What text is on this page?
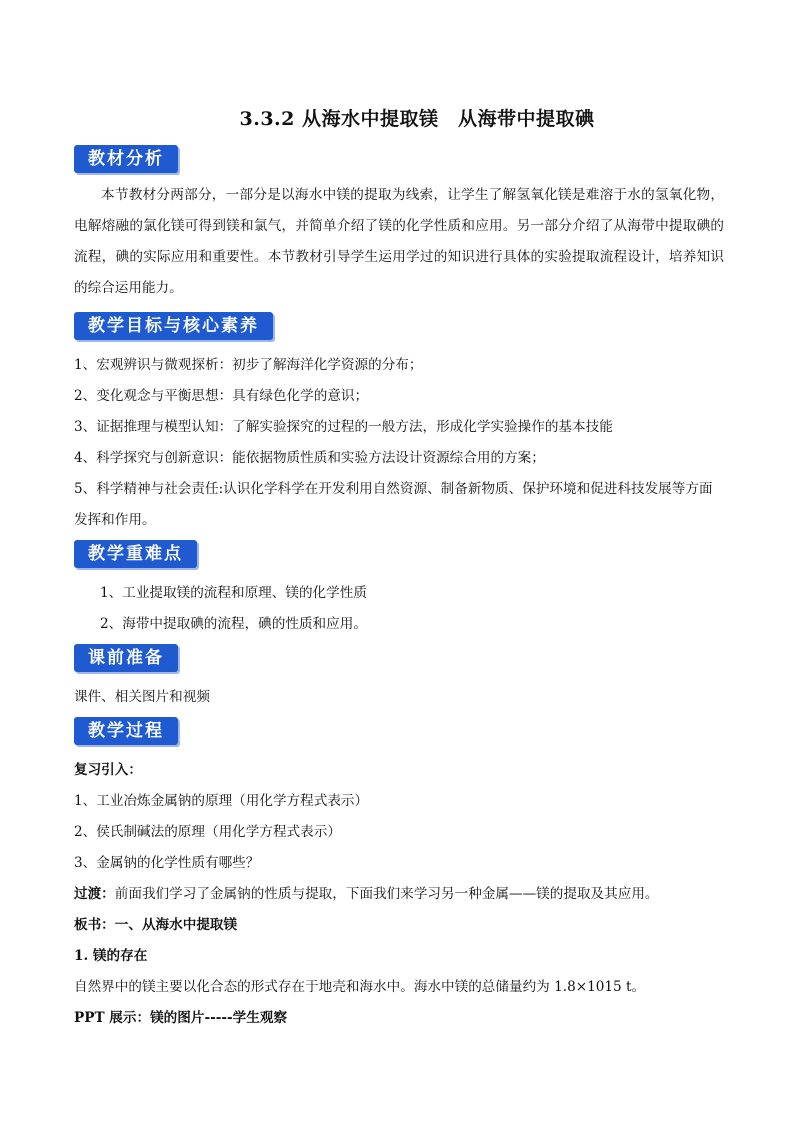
3.3.2 从海水中提取镁　从海带中提取碘
教材分析
本节教材分两部分，一部分是以海水中镁的提取为线索，让学生了解氢氧化镁是难溶于水的氢氧化物，电解熔融的氯化镁可得到镁和氯气，并简单介绍了镁的化学性质和应用。另一部分介绍了从海带中提取碘的流程，碘的实际应用和重要性。本节教材引导学生运用学过的知识进行具体的实验提取流程设计，培养知识的综合运用能力。
教学目标与核心素养
1、宏观辨识与微观探析：初步了解海洋化学资源的分布；
2、变化观念与平衡思想：具有绿色化学的意识；
3、证据推理与模型认知：了解实验探究的过程的一般方法，形成化学实验操作的基本技能
4、科学探究与创新意识：能依据物质性质和实验方法设计资源综合用的方案；
5、科学精神与社会责任:认识化学科学在开发利用自然资源、制备新物质、保护环境和促进科技发展等方面
发挥和作用。
教学重难点
1、工业提取镁的流程和原理、镁的化学性质
2、海带中提取碘的流程，碘的性质和应用。
课前准备
课件、相关图片和视频
教学过程
复习引入：
1、工业冶炼金属钠的原理（用化学方程式表示）
2、侯氏制碱法的原理（用化学方程式表示）
3、金属钠的化学性质有哪些？
过渡：前面我们学习了金属钠的性质与提取，下面我们来学习另一种金属——镁的提取及其应用。
板书：一、从海水中提取镁
1. 镁的存在
自然界中的镁主要以化合态的形式存在于地壳和海水中。海水中镁的总储量约为 1.8×1015 t。
PPT 展示：镁的图片-----学生观察
